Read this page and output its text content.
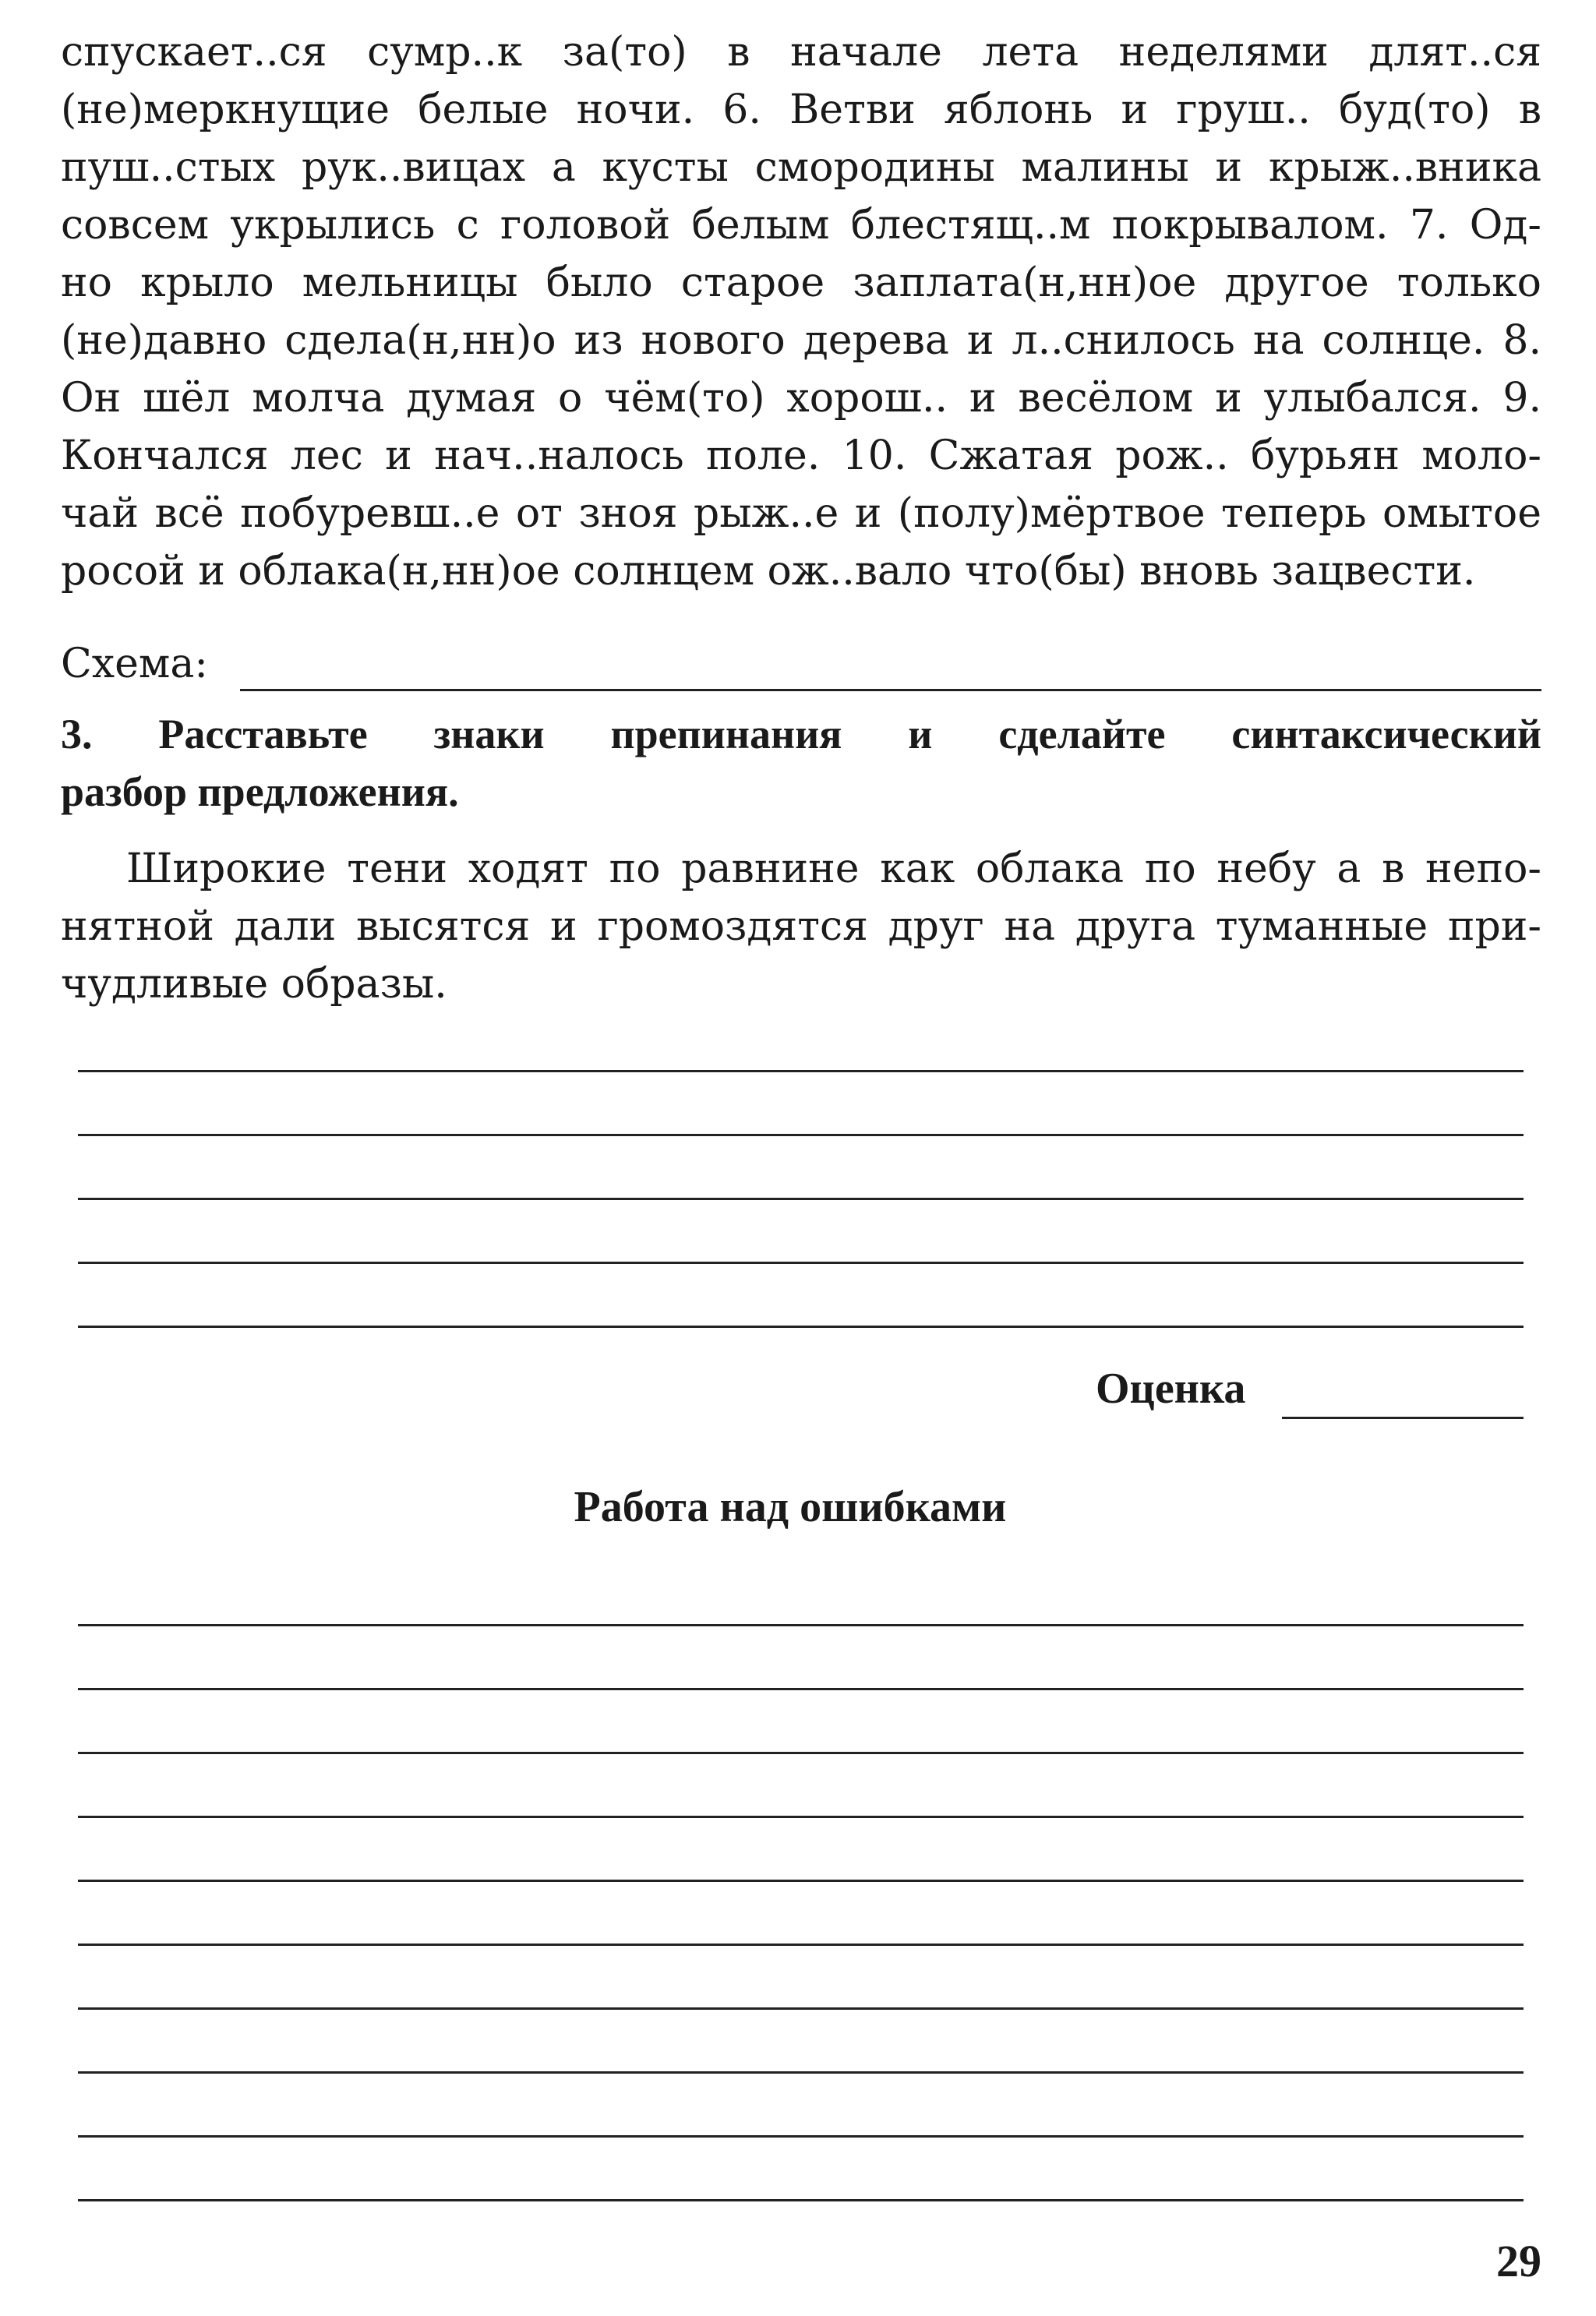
спускает..ся сумр..к за(то) в начале лета неделями длят..ся
(не)меркнущие белые ночи. 6. Ветви яблонь и груш.. буд(то) в
пуш..стых рук..вицах а кусты смородины малины и крыж..вника
совсем укрылись с головой белым блестящ..м покрывалом. 7. Од-
но крыло мельницы было старое заплата(н,нн)ое другое только
(не)давно сдела(н,нн)о из нового дерева и л..снилось на солнце. 8.
Он шёл молча думая о чём(то) хорош.. и весёлом и улыбался. 9.
Кончался лес и нач..налось поле. 10. Сжатая рож.. бурьян моло-
чай всё побуревш..е от зноя рыж..е и (полу)мёртвое теперь омытое
росой и облака(н,нн)ое солнцем ож..вало что(бы) вновь зацвести.

Схема:
3. Расставьте знаки препинания и сделайте синтаксический
разбор предложения.
Широкие тени ходят по равнине как облака по небу а в непо-
нятной дали высятся и громоздятся друг на друга туманные при-
чудливые образы.
Оценка
Работа над ошибками
29
